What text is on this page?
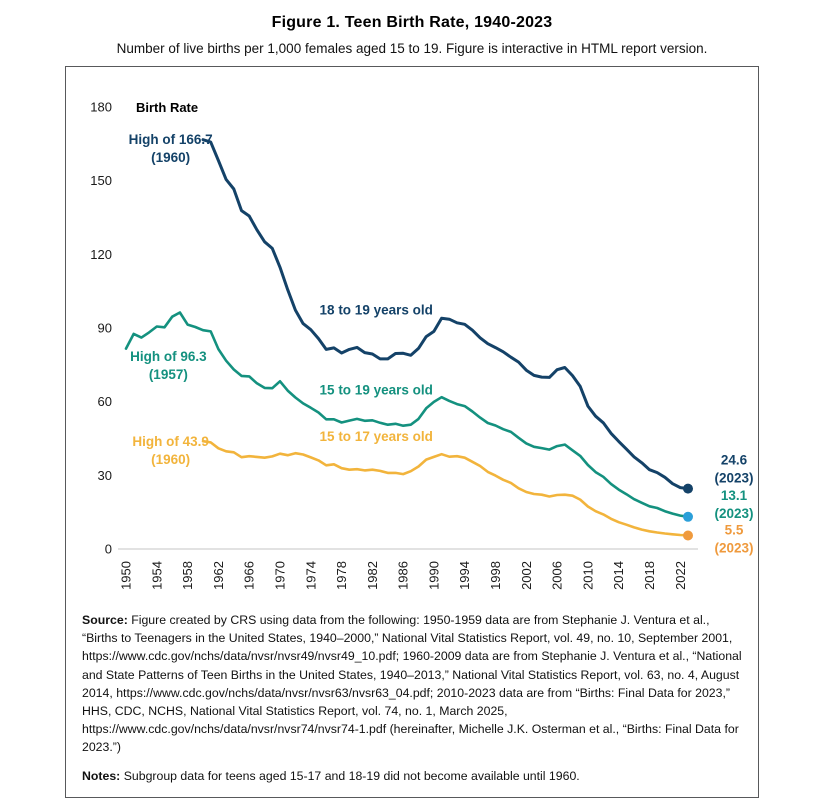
Figure 1. Teen Birth Rate, 1940-2023
Number of live births per 1,000 females aged 15 to 19. Figure is interactive in HTML report version.
0
30
60
90
120
150
180 Birth Rate
1950 1954 1958 1962 1966 1970 1974 1978 1982 1986 1990 1994 1998 2002 2006 2010 2014 2018 2022
High of 166.7 (1960)
High of 96.3 (1957)
High of 43.9 (1960)
18 to 19 years old
15 to 19 years old
15 to 17 years old
24.6 (2023)
13.1 (2023)
5.5 (2023)
Source: Figure created by CRS using data from the following: 1950-1959 data are from Stephanie J. Ventura et al., “Births to Teenagers in the United States, 1940–2000,” National Vital Statistics Report, vol. 49, no. 10, September 2001, https://www.cdc.gov/nchs/data/nvsr/nvsr49/nvsr49_10.pdf; 1960-2009 data are from Stephanie J. Ventura et al., “National and State Patterns of Teen Births in the United States, 1940–2013,” National Vital Statistics Report, vol. 63, no. 4, August 2014, https://www.cdc.gov/nchs/data/nvsr/nvsr63/nvsr63_04.pdf; 2010-2023 data are from “Births: Final Data for 2023,” HHS, CDC, NCHS, National Vital Statistics Report, vol. 74, no. 1, March 2025, https://www.cdc.gov/nchs/data/nvsr/nvsr74/nvsr74-1.pdf (hereinafter, Michelle J.K. Osterman et al., “Births: Final Data for 2023.”)
Notes: Subgroup data for teens aged 15-17 and 18-19 did not become available until 1960.
